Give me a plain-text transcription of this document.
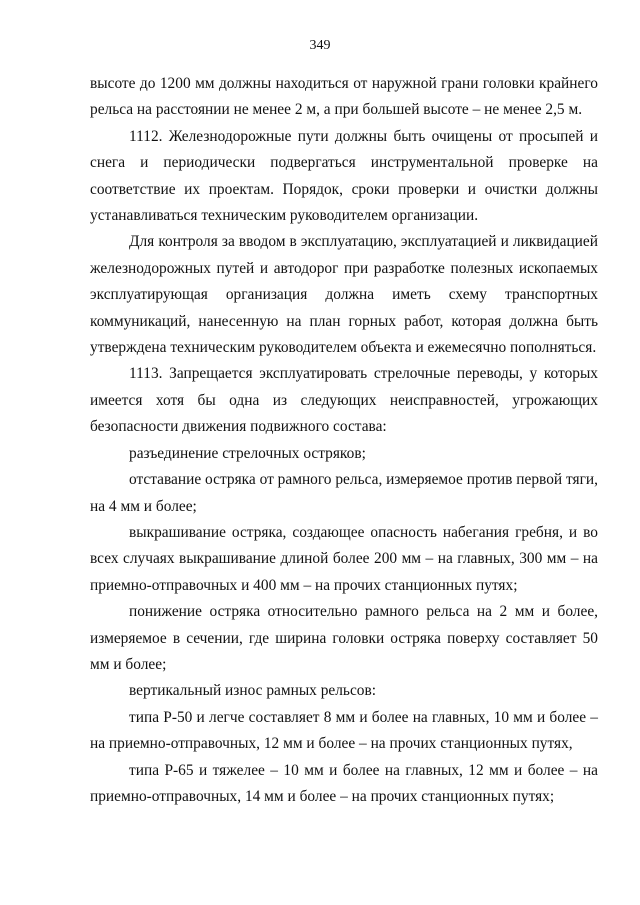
349

высоте до 1200 мм должны находиться от наружной грани головки крайнего рельса на расстоянии не менее 2 м, а при большей высоте – не менее 2,5 м.

1112. Железнодорожные пути должны быть очищены от просыпей и снега и периодически подвергаться инструментальной проверке на соответствие их проектам. Порядок, сроки проверки и очистки должны устанавливаться техническим руководителем организации.

Для контроля за вводом в эксплуатацию, эксплуатацией и ликвидацией железнодорожных путей и автодорог при разработке полезных ископаемых эксплуатирующая организация должна иметь схему транспортных коммуникаций, нанесенную на план горных работ, которая должна быть утверждена техническим руководителем объекта и ежемесячно пополняться.

1113. Запрещается эксплуатировать стрелочные переводы, у которых имеется хотя бы одна из следующих неисправностей, угрожающих безопасности движения подвижного состава:

разъединение стрелочных остряков;

отставание остряка от рамного рельса, измеряемое против первой тяги, на 4 мм и более;

выкрашивание остряка, создающее опасность набегания гребня, и во всех случаях выкрашивание длиной более 200 мм – на главных, 300 мм – на приемно-отправочных и 400 мм – на прочих станционных путях;

понижение остряка относительно рамного рельса на 2 мм и более, измеряемое в сечении, где ширина головки остряка поверху составляет 50 мм и более;

вертикальный износ рамных рельсов:

типа Р-50 и легче составляет 8 мм и более на главных, 10 мм и более – на приемно-отправочных, 12 мм и более – на прочих станционных путях,

типа Р-65 и тяжелее – 10 мм и более на главных, 12 мм и более – на приемно-отправочных, 14 мм и более – на прочих станционных путях;
